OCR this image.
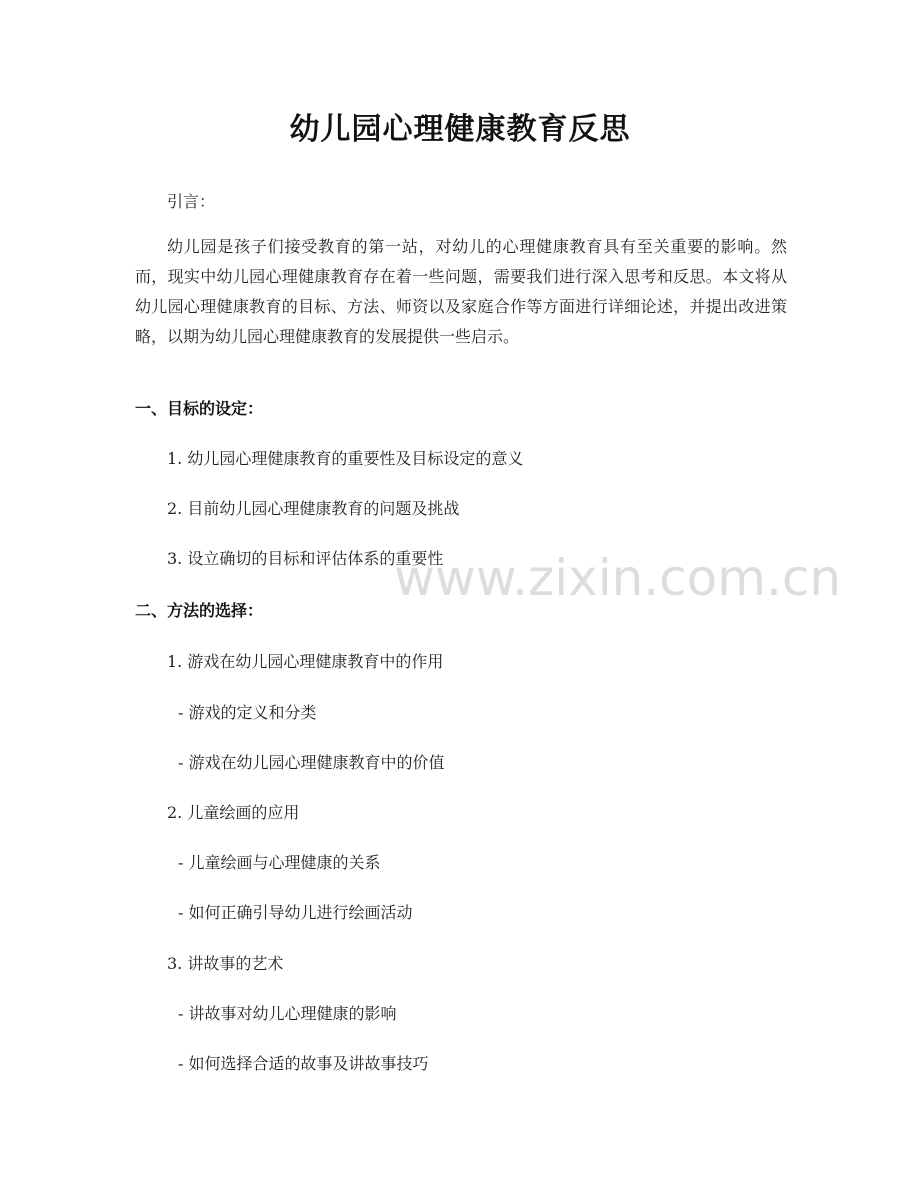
幼儿园心理健康教育反思
引言：
幼儿园是孩子们接受教育的第一站，对幼儿的心理健康教育具有至关重要的影响。然而，现实中幼儿园心理健康教育存在着一些问题，需要我们进行深入思考和反思。本文将从幼儿园心理健康教育的目标、方法、师资以及家庭合作等方面进行详细论述，并提出改进策略，以期为幼儿园心理健康教育的发展提供一些启示。
一、目标的设定：
1. 幼儿园心理健康教育的重要性及目标设定的意义
2. 目前幼儿园心理健康教育的问题及挑战
3. 设立确切的目标和评估体系的重要性
二、方法的选择：
1. 游戏在幼儿园心理健康教育中的作用
- 游戏的定义和分类
- 游戏在幼儿园心理健康教育中的价值
2. 儿童绘画的应用
- 儿童绘画与心理健康的关系
- 如何正确引导幼儿进行绘画活动
3. 讲故事的艺术
- 讲故事对幼儿心理健康的影响
- 如何选择合适的故事及讲故事技巧
www.zixin.com.cn
